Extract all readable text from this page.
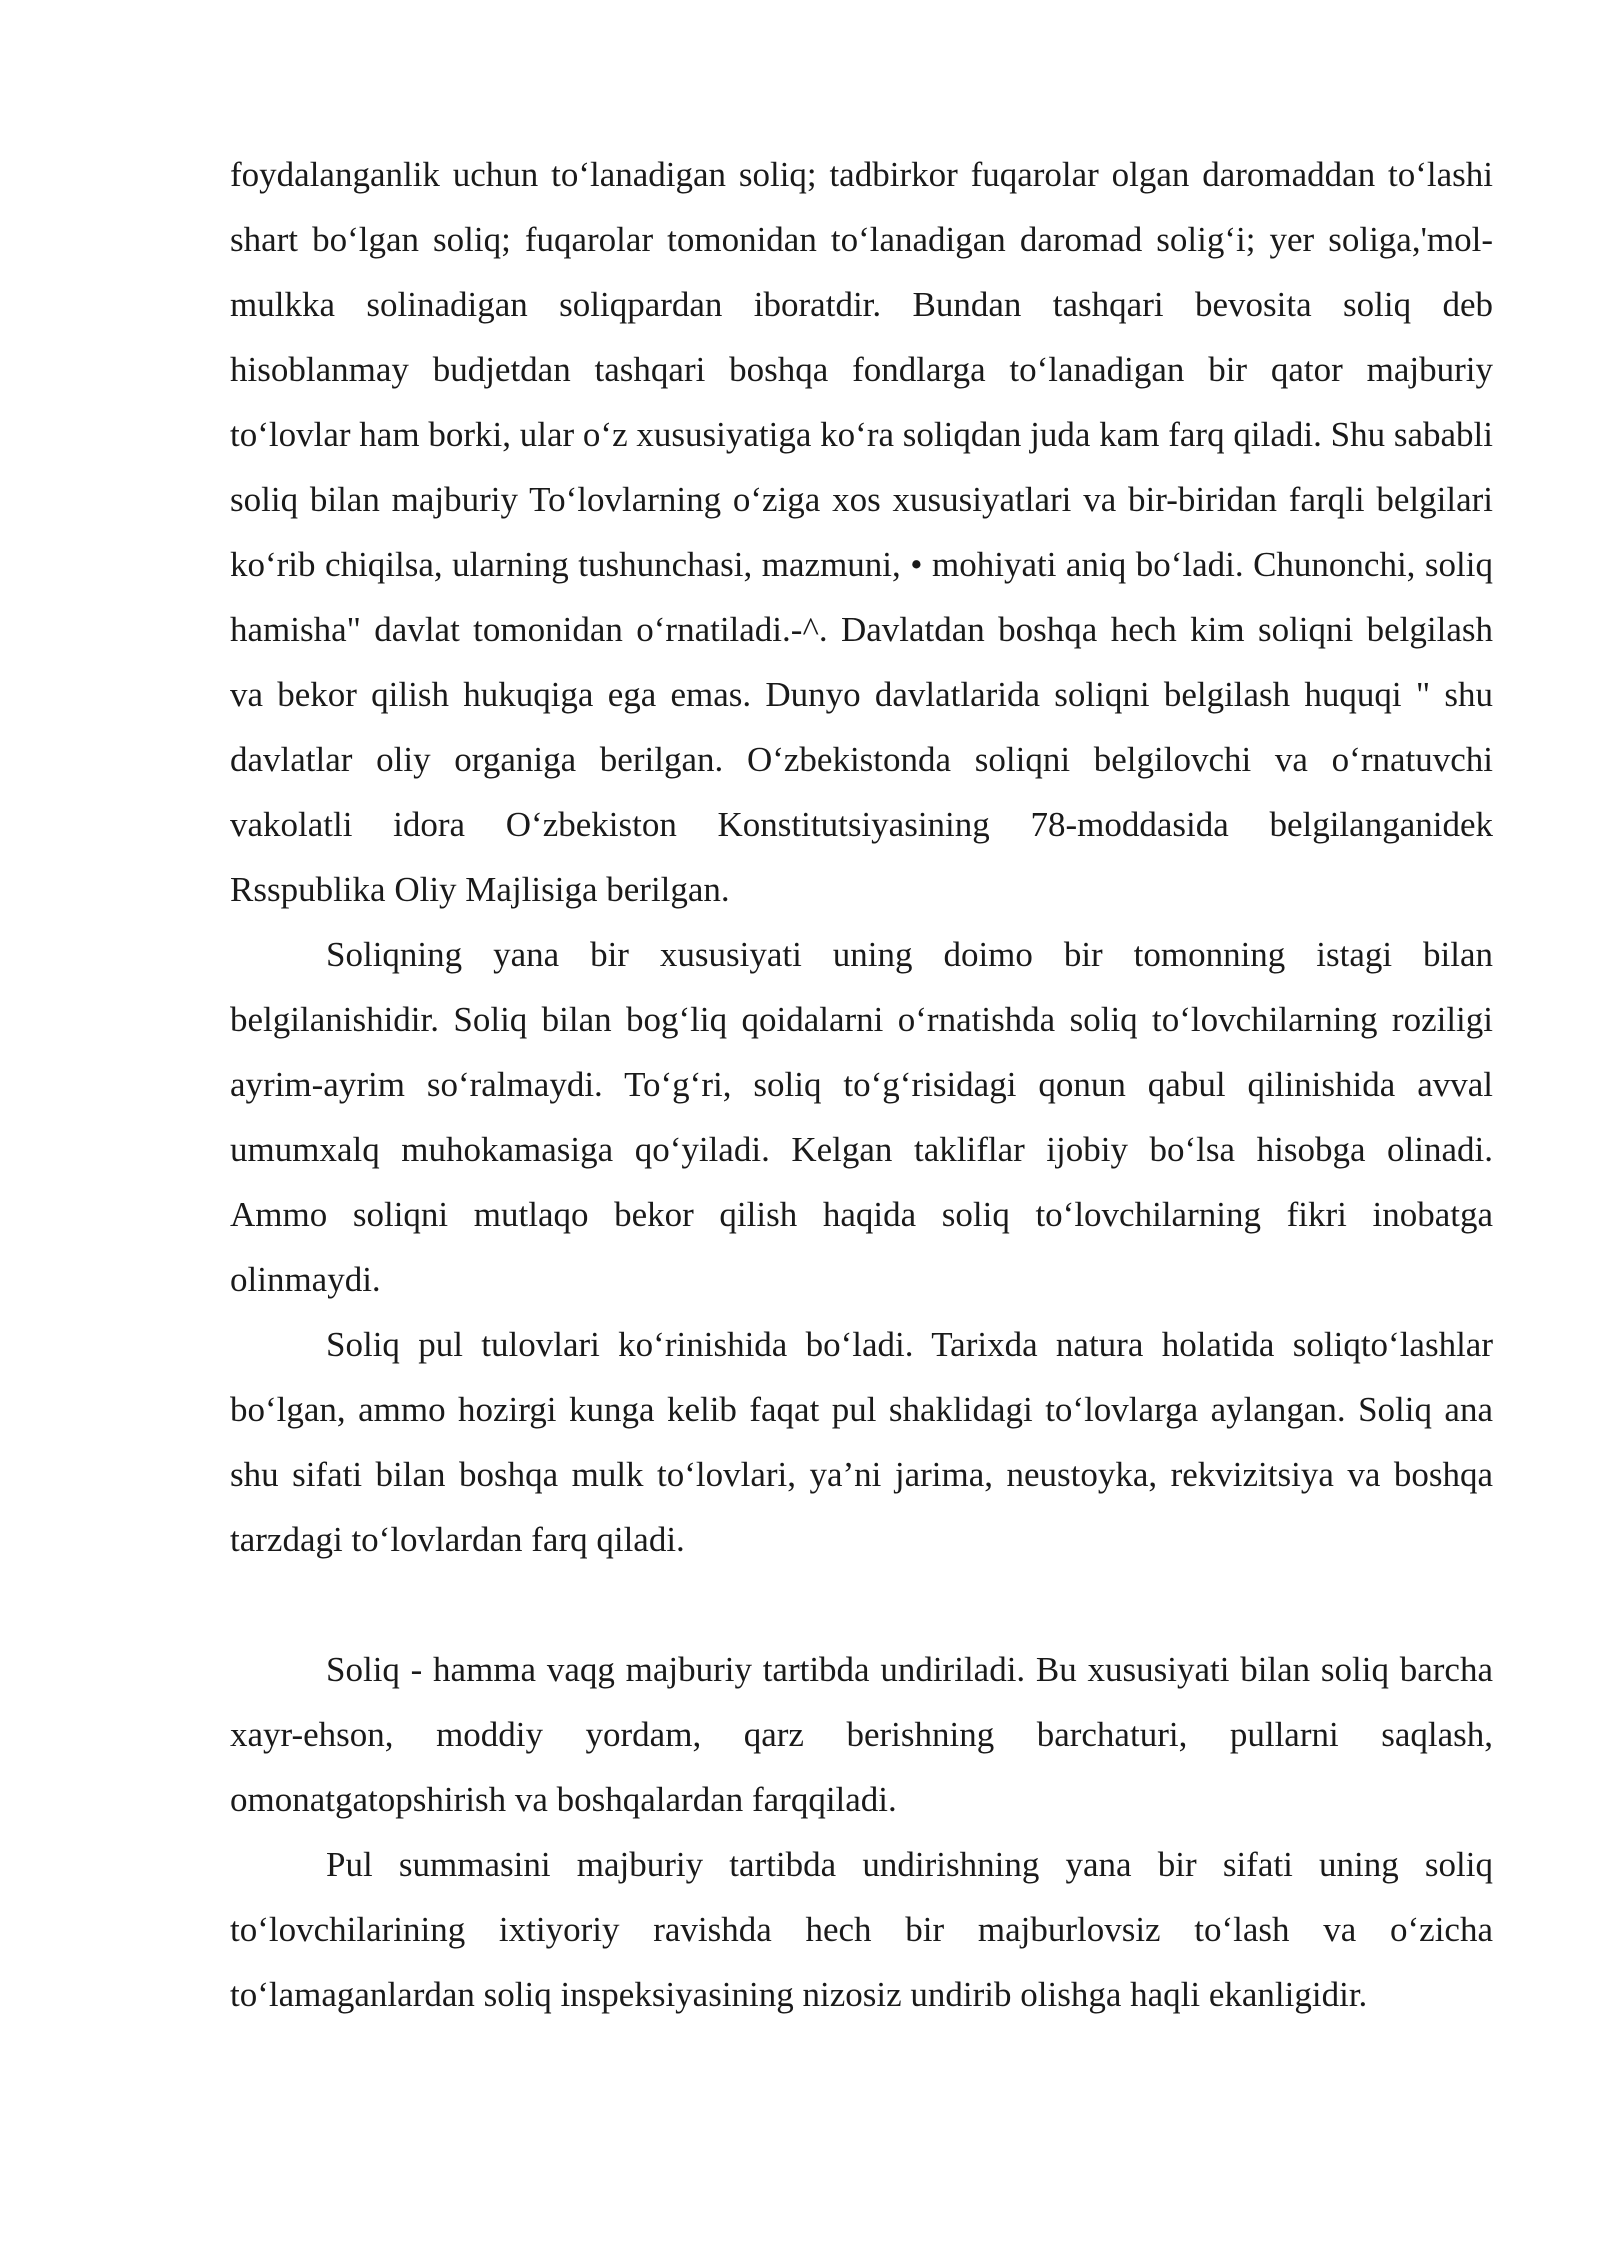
foydalanganlik uchun to‘lanadigan soliq; tadbirkor fuqarolar olgan daromaddan to‘lashi shart bo‘lgan soliq; fuqarolar tomonidan to‘lanadigan daromad solig‘i; yer soliga,'mol-mulkka solinadigan soliqpardan iboratdir. Bundan tashqari bevosita soliq deb hisoblanmay budjetdan tashqari boshqa fondlarga to‘lanadigan bir qator majburiy to‘lovlar ham borki, ular o‘z xususiyatiga ko‘ra soliqdan juda kam farq qiladi. Shu sababli soliq bilan majburiy To‘lovlarning o‘ziga xos xususiyatlari va bir-biridan farqli belgilari ko‘rib chiqilsa, ularning tushunchasi, mazmuni, • mohiyati aniq bo‘ladi. Chunonchi, soliq hamisha" davlat tomonidan o‘rnatiladi.-^. Davlatdan boshqa hech kim soliqni belgilash va bekor qilish hukuqiga ega emas. Dunyo davlatlarida soliqni belgilash huquqi " shu davlatlar oliy organiga berilgan. O‘zbekistonda soliqni belgilovchi va o‘rnatuvchi vakolatli idora O‘zbekiston Konstitutsiyasining 78-moddasida belgilanganidek Rsspublika Oliy Majlisiga berilgan.

Soliqning yana bir xususiyati uning doimo bir tomonning istagi bilan belgilanishidir. Soliq bilan bog‘liq qoidalarni o‘rnatishda soliq to‘lovchilarning roziligi ayrim-ayrim so‘ralmaydi. To‘g‘ri, soliq to‘g‘risidagi qonun qabul qilinishida avval umumxalq muhokamasiga qo‘yiladi. Kelgan takliflar ijobiy bo‘lsa hisobga olinadi. Ammo soliqni mutlaqo bekor qilish haqida soliq to‘lovchilarning fikri inobatga olinmaydi.

Soliq pul tulovlari ko‘rinishida bo‘ladi. Tarixda natura holatida soliqto‘lashlar bo‘lgan, ammo hozirgi kunga kelib faqat pul shaklidagi to‘lovlarga aylangan. Soliq ana shu sifati bilan boshqa mulk to‘lovlari, ya’ni jarima, neustoyka, rekvizitsiya va boshqa tarzdagi to‘lovlardan farq qiladi.

Soliq - hamma vaqg majburiy tartibda undiriladi. Bu xususiyati bilan soliq barcha xayr-ehson, moddiy yordam, qarz berishning barchaturi, pullarni saqlash, omonatgatopshirish va boshqalardan farqqiladi.

Pul summasini majburiy tartibda undirishning yana bir sifati uning soliq to‘lovchilarining ixtiyoriy ravishda hech bir majburlovsiz to‘lash va o‘zicha to‘lamaganlardan soliq inspeksiyasining nizosiz undirib olishga haqli ekanligidir.
